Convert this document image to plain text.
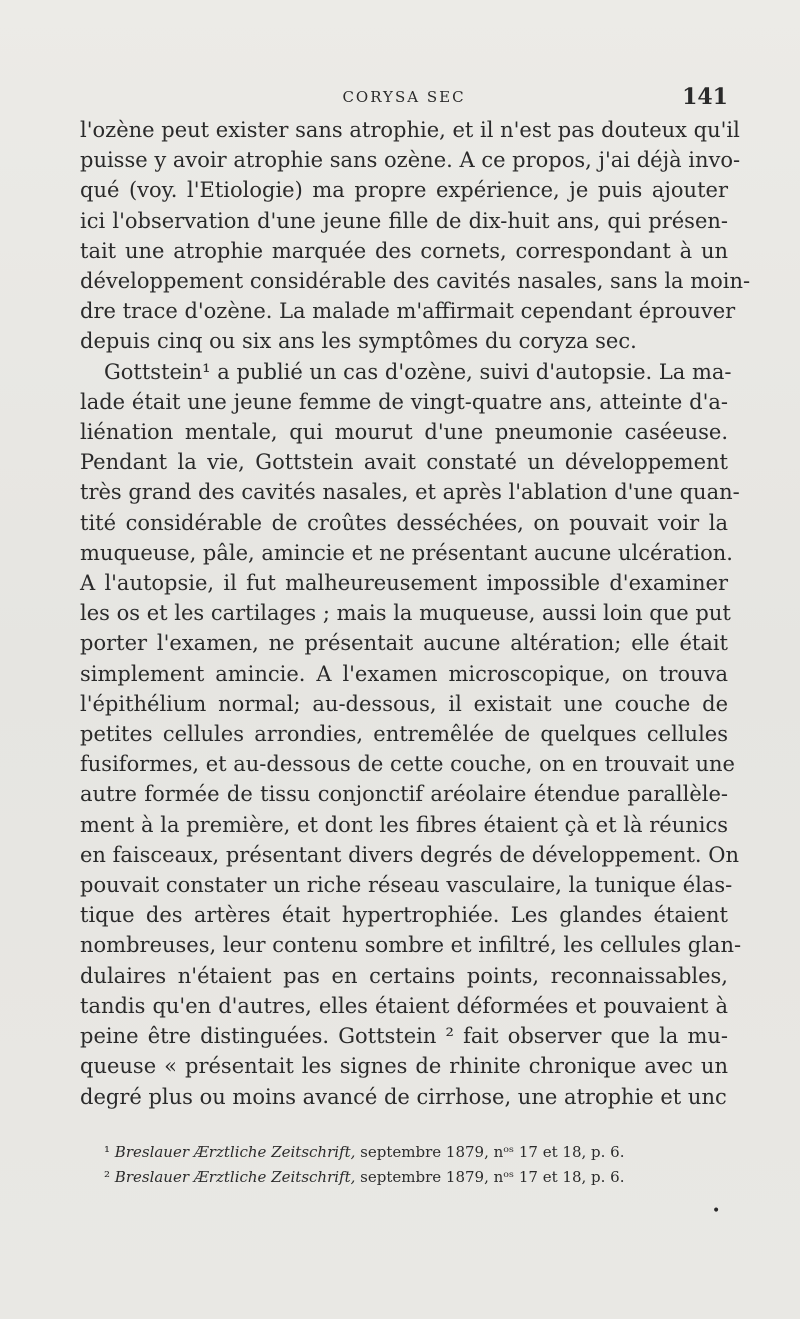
CORYSA SEC	141
l'ozène peut exister sans atrophie, et il n'est pas douteux qu'il
puisse y avoir atrophie sans ozène. A ce propos, j'ai déjà invo-
qué (voy. l'Etiologie) ma propre expérience, je puis ajouter
ici l'observation d'une jeune fille de dix-huit ans, qui présen-
tait une atrophie marquée des cornets, correspondant à un
développement considérable des cavités nasales, sans la moin-
dre trace d'ozène. La malade m'affirmait cependant éprouver
depuis cinq ou six ans les symptômes du coryza sec.
Gottstein¹ a publié un cas d'ozène, suivi d'autopsie. La ma-
lade était une jeune femme de vingt-quatre ans, atteinte d'a-
liénation mentale, qui mourut d'une pneumonie caséeuse.
Pendant la vie, Gottstein avait constaté un développement
très grand des cavités nasales, et après l'ablation d'une quan-
tité considérable de croûtes desséchées, on pouvait voir la
muqueuse, pâle, amincie et ne présentant aucune ulcération.
A l'autopsie, il fut malheureusement impossible d'examiner
les os et les cartilages ; mais la muqueuse, aussi loin que put
porter l'examen, ne présentait aucune altération; elle était
simplement amincie. A l'examen microscopique, on trouva
l'épithélium normal; au-dessous, il existait une couche de
petites cellules arrondies, entremêlée de quelques cellules
fusiformes, et au-dessous de cette couche, on en trouvait une
autre formée de tissu conjonctif aréolaire étendue parallèle-
ment à la première, et dont les fibres étaient çà et là réunics
en faisceaux, présentant divers degrés de développement. On
pouvait constater un riche réseau vasculaire, la tunique élas-
tique des artères était hypertrophiée. Les glandes étaient
nombreuses, leur contenu sombre et infiltré, les cellules glan-
dulaires n'étaient pas en certains points, reconnaissables,
tandis qu'en d'autres, elles étaient déformées et pouvaient à
peine être distinguées. Gottstein ² fait observer que la mu-
queuse « présentait les signes de rhinite chronique avec un
degré plus ou moins avancé de cirrhose, une atrophie et unc
¹ Breslauer Ærztliche Zeitschrift, septembre 1879, nᵒˢ 17 et 18, p. 6.
² Breslauer Ærztliche Zeitschrift, septembre 1879, nᵒˢ 17 et 18, p. 6.
•
